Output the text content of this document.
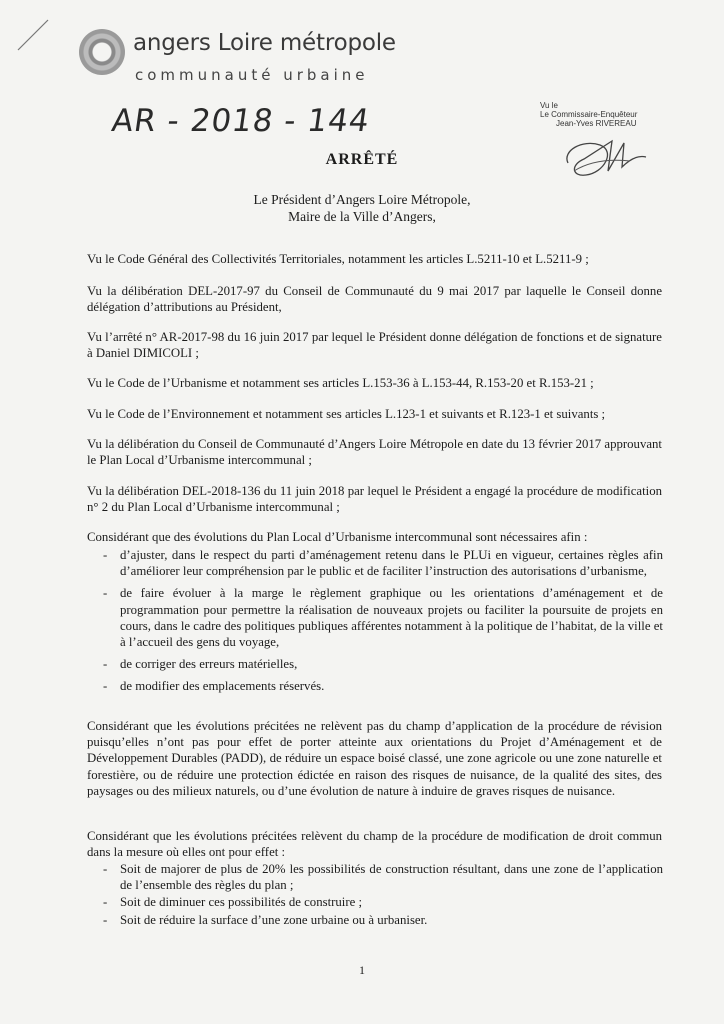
angers Loire métropole
communauté urbaine
AR - 2018 - 144	Vu le
Le Commissaire-Enquêteur
Jean-Yves RIVEREAU
ARRÊTÉ
Le Président d’Angers Loire Métropole,
Maire de la Ville d’Angers,
Vu le Code Général des Collectivités Territoriales, notamment les articles L.5211-10 et L.5211-9 ;
Vu la délibération DEL-2017-97 du Conseil de Communauté du 9 mai 2017 par laquelle le Conseil donne délégation d’attributions au Président,
Vu l’arrêté n° AR-2017-98 du 16 juin 2017 par lequel le Président donne délégation de fonctions et de signature à Daniel DIMICOLI ;
Vu le Code de l’Urbanisme et notamment ses articles L.153-36 à L.153-44, R.153-20 et R.153-21 ;
Vu le Code de l’Environnement et notamment ses articles L.123-1 et suivants et R.123-1 et suivants ;
Vu la délibération du Conseil de Communauté d’Angers Loire Métropole en date du 13 février 2017 approuvant le Plan Local d’Urbanisme intercommunal ;
Vu la délibération DEL-2018-136 du 11 juin 2018 par lequel le Président a engagé la procédure de modification n° 2 du Plan Local d’Urbanisme intercommunal ;
Considérant que des évolutions du Plan Local d’Urbanisme intercommunal sont nécessaires afin :
- d’ajuster, dans le respect du parti d’aménagement retenu dans le PLUi en vigueur, certaines règles afin d’améliorer leur compréhension par le public et de faciliter l’instruction des autorisations d’urbanisme,
- de faire évoluer à la marge le règlement graphique ou les orientations d’aménagement et de programmation pour permettre la réalisation de nouveaux projets ou faciliter la poursuite de projets en cours, dans le cadre des politiques publiques afférentes notamment à la politique de l’habitat, de la ville et à l’accueil des gens du voyage,
- de corriger des erreurs matérielles,
- de modifier des emplacements réservés.
Considérant que les évolutions précitées ne relèvent pas du champ d’application de la procédure de révision puisqu’elles n’ont pas pour effet de porter atteinte aux orientations du Projet d’Aménagement et de Développement Durables (PADD), de réduire un espace boisé classé, une zone agricole ou une zone naturelle et forestière, ou de réduire une protection édictée en raison des risques de nuisance, de la qualité des sites, des paysages ou des milieux naturels, ou d’une évolution de nature à induire de graves risques de nuisance.
Considérant que les évolutions précitées relèvent du champ de la procédure de modification de droit commun dans la mesure où elles ont pour effet :
- Soit de majorer de plus de 20% les possibilités de construction résultant, dans une zone de l’application de l’ensemble des règles du plan ;
- Soit de diminuer ces possibilités de construire ;
- Soit de réduire la surface d’une zone urbaine ou à urbaniser.
1
